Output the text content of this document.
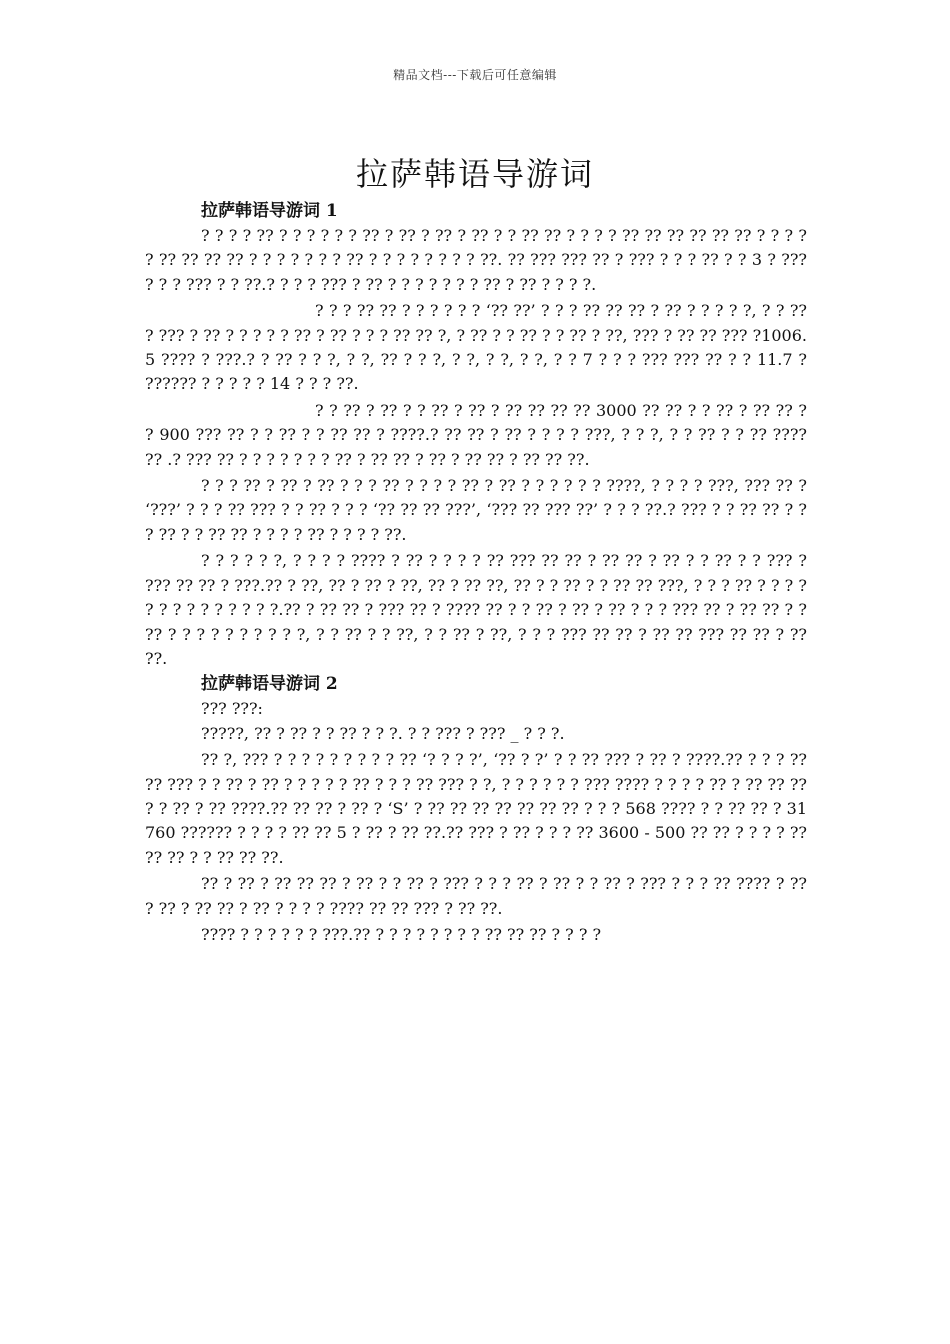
精品文档---下载后可任意编辑
拉萨韩语导游词
拉萨韩语导游词 1

? ? ? ? ?? ? ? ? ? ? ? ?? ? ?? ? ?? ? ?? ? ? ?? ?? ? ? ? ? ?? ?? ?? ?? ?? ?? ? ? ? ? ? ?? ?? ?? ?? ? ? ? ? ? ? ? ?? ? ? ? ? ? ? ? ? ??. ?? ??? ??? ?? ? ??? ? ? ? ?? ? ? 3 ? ??? ? ? ? ??? ? ? ??.? ? ? ? ??? ? ?? ? ? ? ? ? ? ? ?? ? ?? ? ? ? ?.

? ? ? ?? ?? ? ? ? ? ? ? ‘?? ??’ ? ? ? ?? ?? ?? ? ?? ? ? ? ? ?, ? ? ?? ? ??? ? ?? ? ? ? ? ? ?? ? ?? ? ? ? ?? ?? ?, ? ?? ? ? ?? ? ? ?? ? ??, ??? ? ?? ?? ??? ?1006.5 ???? ? ???.? ? ?? ? ? ?, ? ?, ?? ? ? ?, ? ?, ? ?, ? ?, ? ? 7 ? ? ? ??? ??? ?? ? ? 11.7 ? ?????? ? ? ? ? ? 14 ? ? ? ??.

? ? ?? ? ?? ? ? ?? ? ?? ? ?? ?? ?? ?? 3000 ?? ?? ? ? ?? ? ?? ?? ? ? 900 ??? ?? ? ? ?? ? ? ?? ?? ? ????.? ?? ?? ? ?? ? ? ? ? ???, ? ? ?, ? ? ?? ? ? ?? ???? ?? .? ??? ?? ? ? ? ? ? ? ? ?? ? ?? ?? ? ?? ? ?? ?? ? ?? ?? ??.

? ? ? ?? ? ?? ? ?? ? ? ? ?? ? ? ? ? ?? ? ?? ? ? ? ? ? ? ????, ? ? ? ? ???, ??? ?? ? ‘???’ ? ? ? ?? ??? ? ? ?? ? ? ? ‘?? ?? ?? ???’, ‘??? ?? ??? ??’ ? ? ? ??.? ??? ? ? ?? ?? ? ? ? ?? ? ? ?? ?? ? ? ? ? ?? ? ? ? ? ??.

? ? ? ? ? ?, ? ? ? ? ???? ? ?? ? ? ? ? ?? ??? ?? ?? ? ?? ?? ? ?? ? ? ?? ? ? ??? ? ??? ?? ?? ? ???.?? ? ??, ?? ? ?? ? ??, ?? ? ?? ??, ?? ? ? ?? ? ? ?? ?? ???, ? ? ? ?? ? ? ? ? ? ? ? ? ? ? ? ? ? ?.?? ? ?? ?? ? ??? ?? ? ???? ?? ? ? ?? ? ?? ? ?? ? ? ? ??? ?? ? ?? ?? ? ? ?? ? ? ? ? ? ? ? ? ? ?, ? ? ?? ? ? ??, ? ? ?? ? ??, ? ? ? ??? ?? ?? ? ?? ?? ??? ?? ?? ? ?? ??.

拉萨韩语导游词 2

??? ???:

?????, ?? ? ?? ? ? ?? ? ? ?. ? ? ??? ? ??? _ ? ? ?.

?? ?, ??? ? ? ? ? ? ? ? ? ? ?? ‘? ? ? ?’, ‘?? ? ?’ ? ? ?? ??? ? ?? ? ????.?? ? ? ? ?? ?? ??? ? ? ?? ? ?? ? ? ? ? ? ?? ? ? ? ?? ??? ? ?, ? ? ? ? ? ? ??? ???? ? ? ? ? ?? ? ?? ?? ?? ? ? ?? ? ?? ????.?? ?? ?? ? ?? ? ‘S’ ? ?? ?? ?? ?? ?? ?? ?? ? ? ? 568 ???? ? ? ?? ?? ? 31760 ?????? ? ? ? ? ?? ?? 5 ? ?? ? ?? ??.?? ??? ? ?? ? ? ? ?? 3600 - 500 ?? ?? ? ? ? ? ?? ?? ?? ? ? ?? ?? ??.

?? ? ?? ? ?? ?? ?? ? ?? ? ? ?? ? ??? ? ? ? ?? ? ?? ? ? ?? ? ??? ? ? ? ?? ???? ? ?? ? ?? ? ?? ?? ? ?? ? ? ? ? ???? ?? ?? ??? ? ?? ??.

???? ? ? ? ? ? ? ???.?? ? ? ? ? ? ? ? ? ?? ?? ?? ? ? ? ?
